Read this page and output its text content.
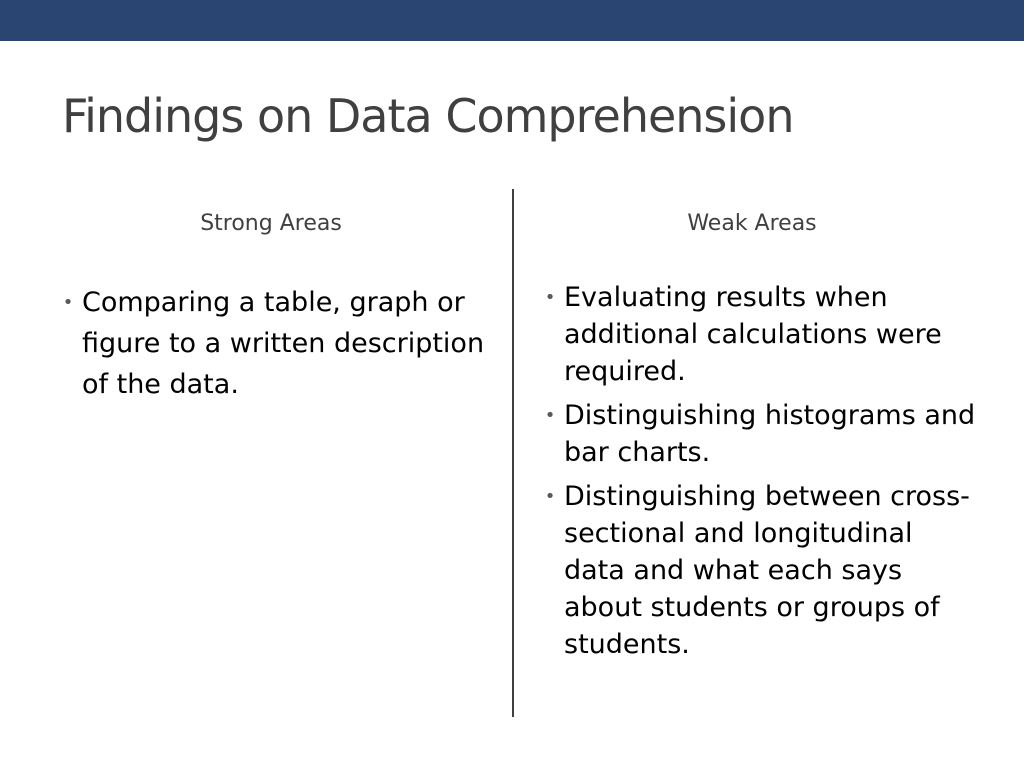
Findings on Data Comprehension
Strong Areas	Weak Areas
• Comparing a table, graph or figure to a written description of the data.
• Evaluating results when additional calculations were required.
• Distinguishing histograms and bar charts.
• Distinguishing between cross-sectional and longitudinal data and what each says about students or groups of students.
